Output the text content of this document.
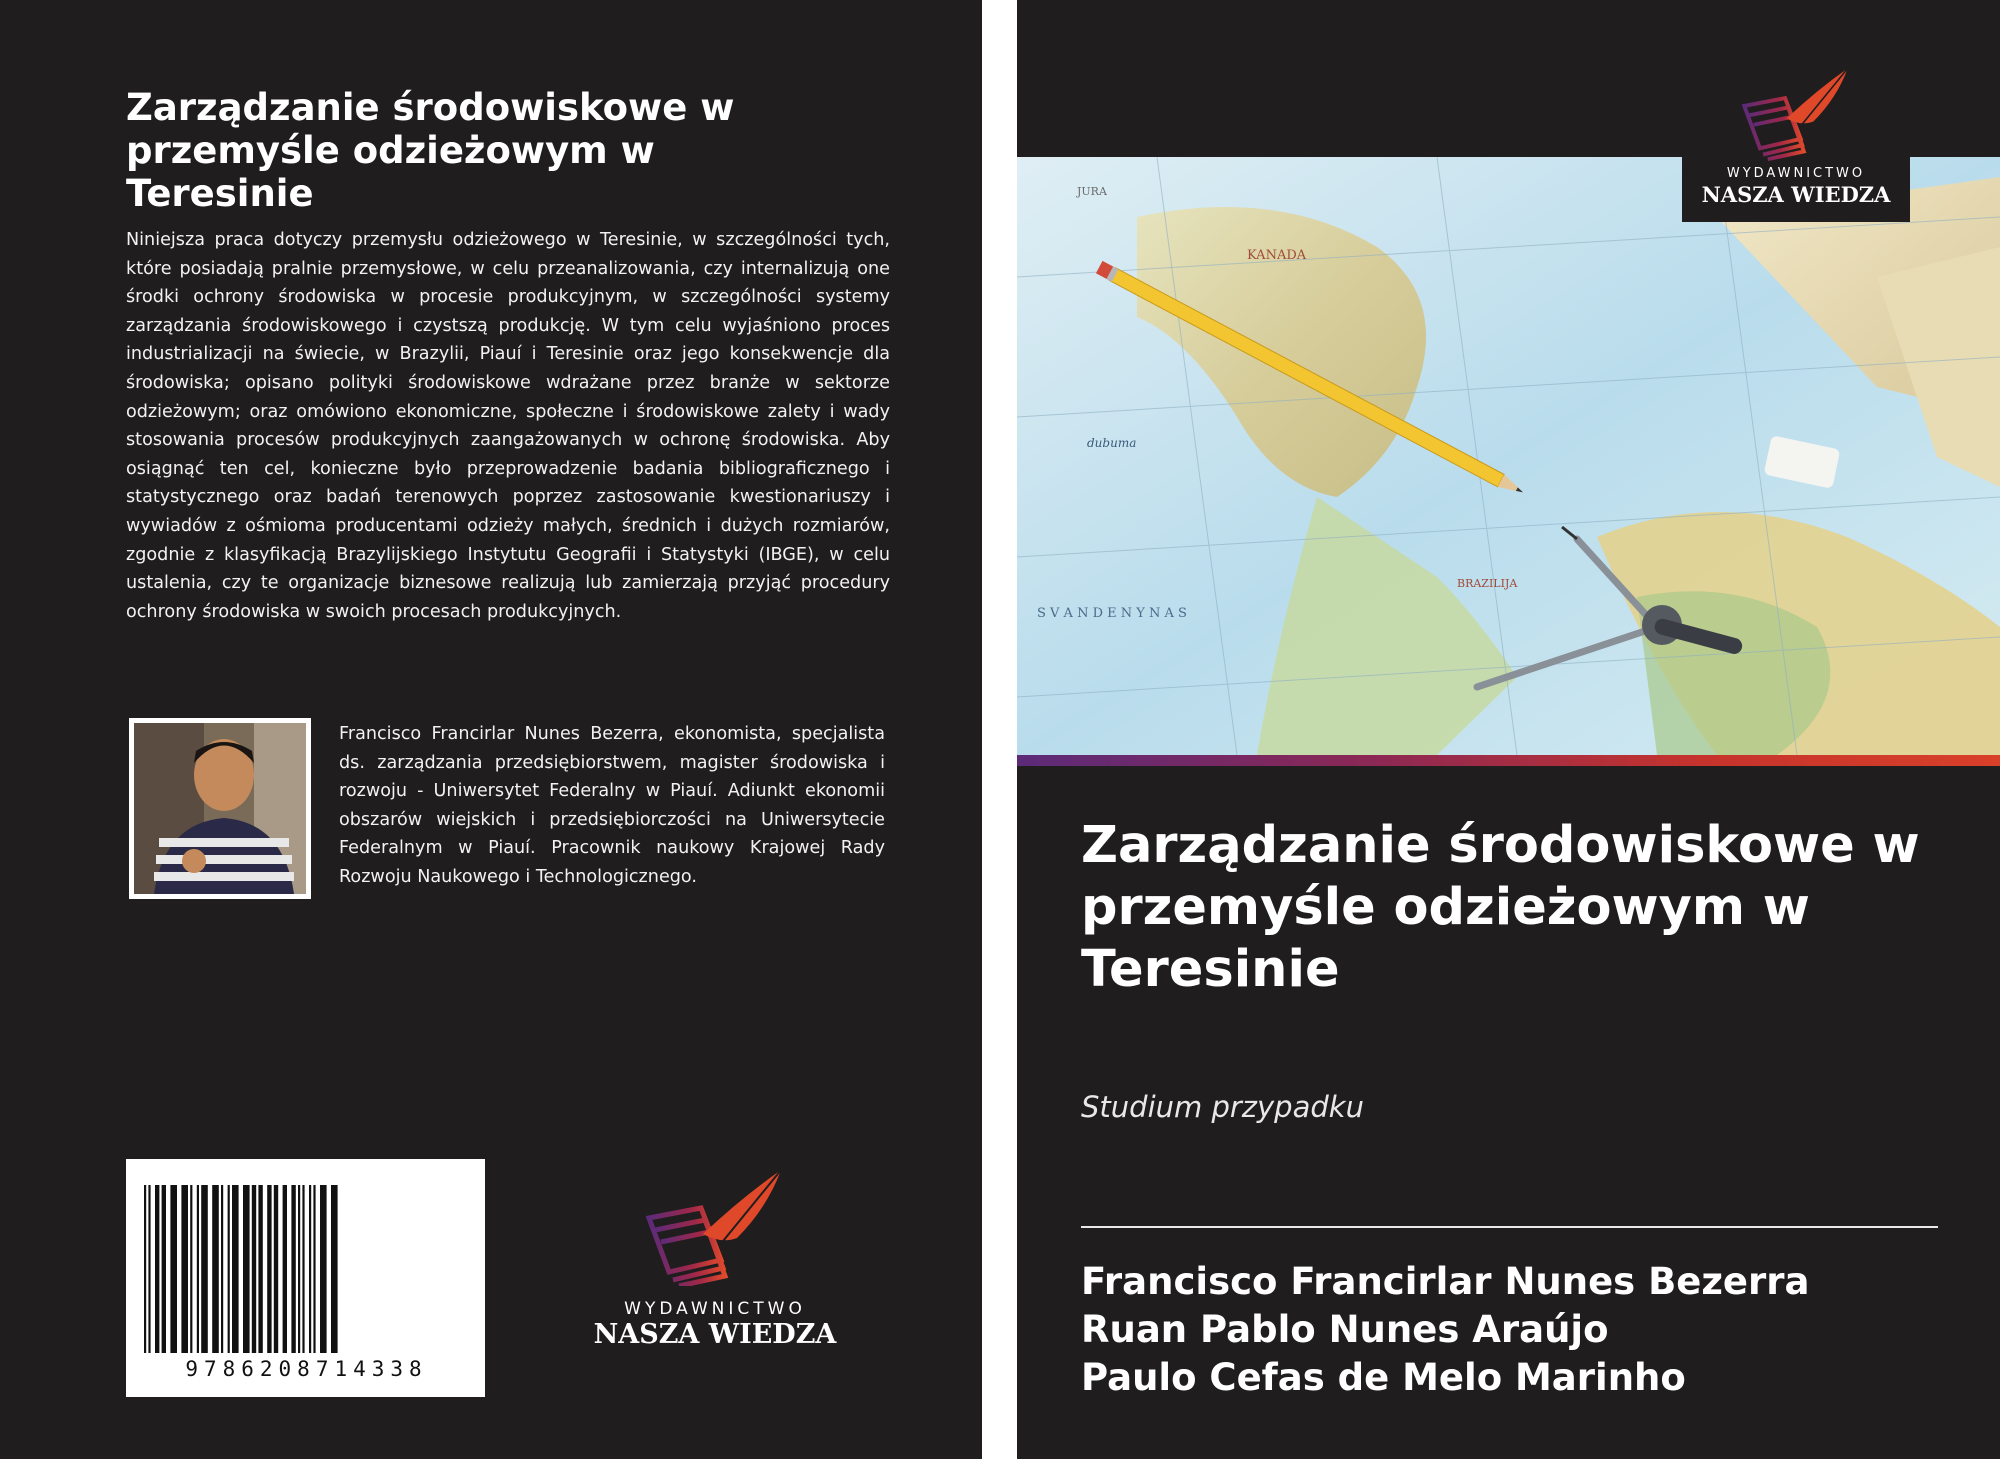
Zarządzanie środowiskowe w przemyśle odzieżowym w Teresinie

Niniejsza praca dotyczy przemysłu odzieżowego w Teresinie, w szczególności tych, które posiadają pralnie przemysłowe, w celu przeanalizowania, czy internalizują one środki ochrony środowiska w procesie produkcyjnym, w szczególności systemy zarządzania środowiskowego i czystszą produkcję. W tym celu wyjaśniono proces industrializacji na świecie, w Brazylii, Piauí i Teresinie oraz jego konsekwencje dla środowiska; opisano polityki środowiskowe wdrażane przez branże w sektorze odzieżowym; oraz omówiono ekonomiczne, społeczne i środowiskowe zalety i wady stosowania procesów produkcyjnych zaangażowanych w ochronę środowiska. Aby osiągnąć ten cel, konieczne było przeprowadzenie badania bibliograficznego i statystycznego oraz badań terenowych poprzez zastosowanie kwestionariuszy i wywiadów z ośmioma producentami odzieży małych, średnich i dużych rozmiarów, zgodnie z klasyfikacją Brazylijskiego Instytutu Geografii i Statystyki (IBGE), w celu ustalenia, czy te organizacje biznesowe realizują lub zamierzają przyjąć procedury ochrony środowiska w swoich procesach produkcyjnych.

Francisco Francirlar Nunes Bezerra, ekonomista, specjalista ds. zarządzania przedsiębiorstwem, magister środowiska i rozwoju - Uniwersytet Federalny w Piauí. Adiunkt ekonomii obszarów wiejskich i przedsiębiorczości na Uniwersytecie Federalnym w Piauí. Pracownik naukowy Krajowej Rady Rozwoju Naukowego i Technologicznego.

9786208714338
WYDAWNICTWO
NASZA WIEDZA
KANADA
JURA
dubuma
BRAZILIJA
S V A N D E N Y N A S
WYDAWNICTWO
NASZA WIEDZA
Zarządzanie środowiskowe w przemyśle odzieżowym w Teresinie
Studium przypadku
Francisco Francirlar Nunes Bezerra
Ruan Pablo Nunes Araújo
Paulo Cefas de Melo Marinho
